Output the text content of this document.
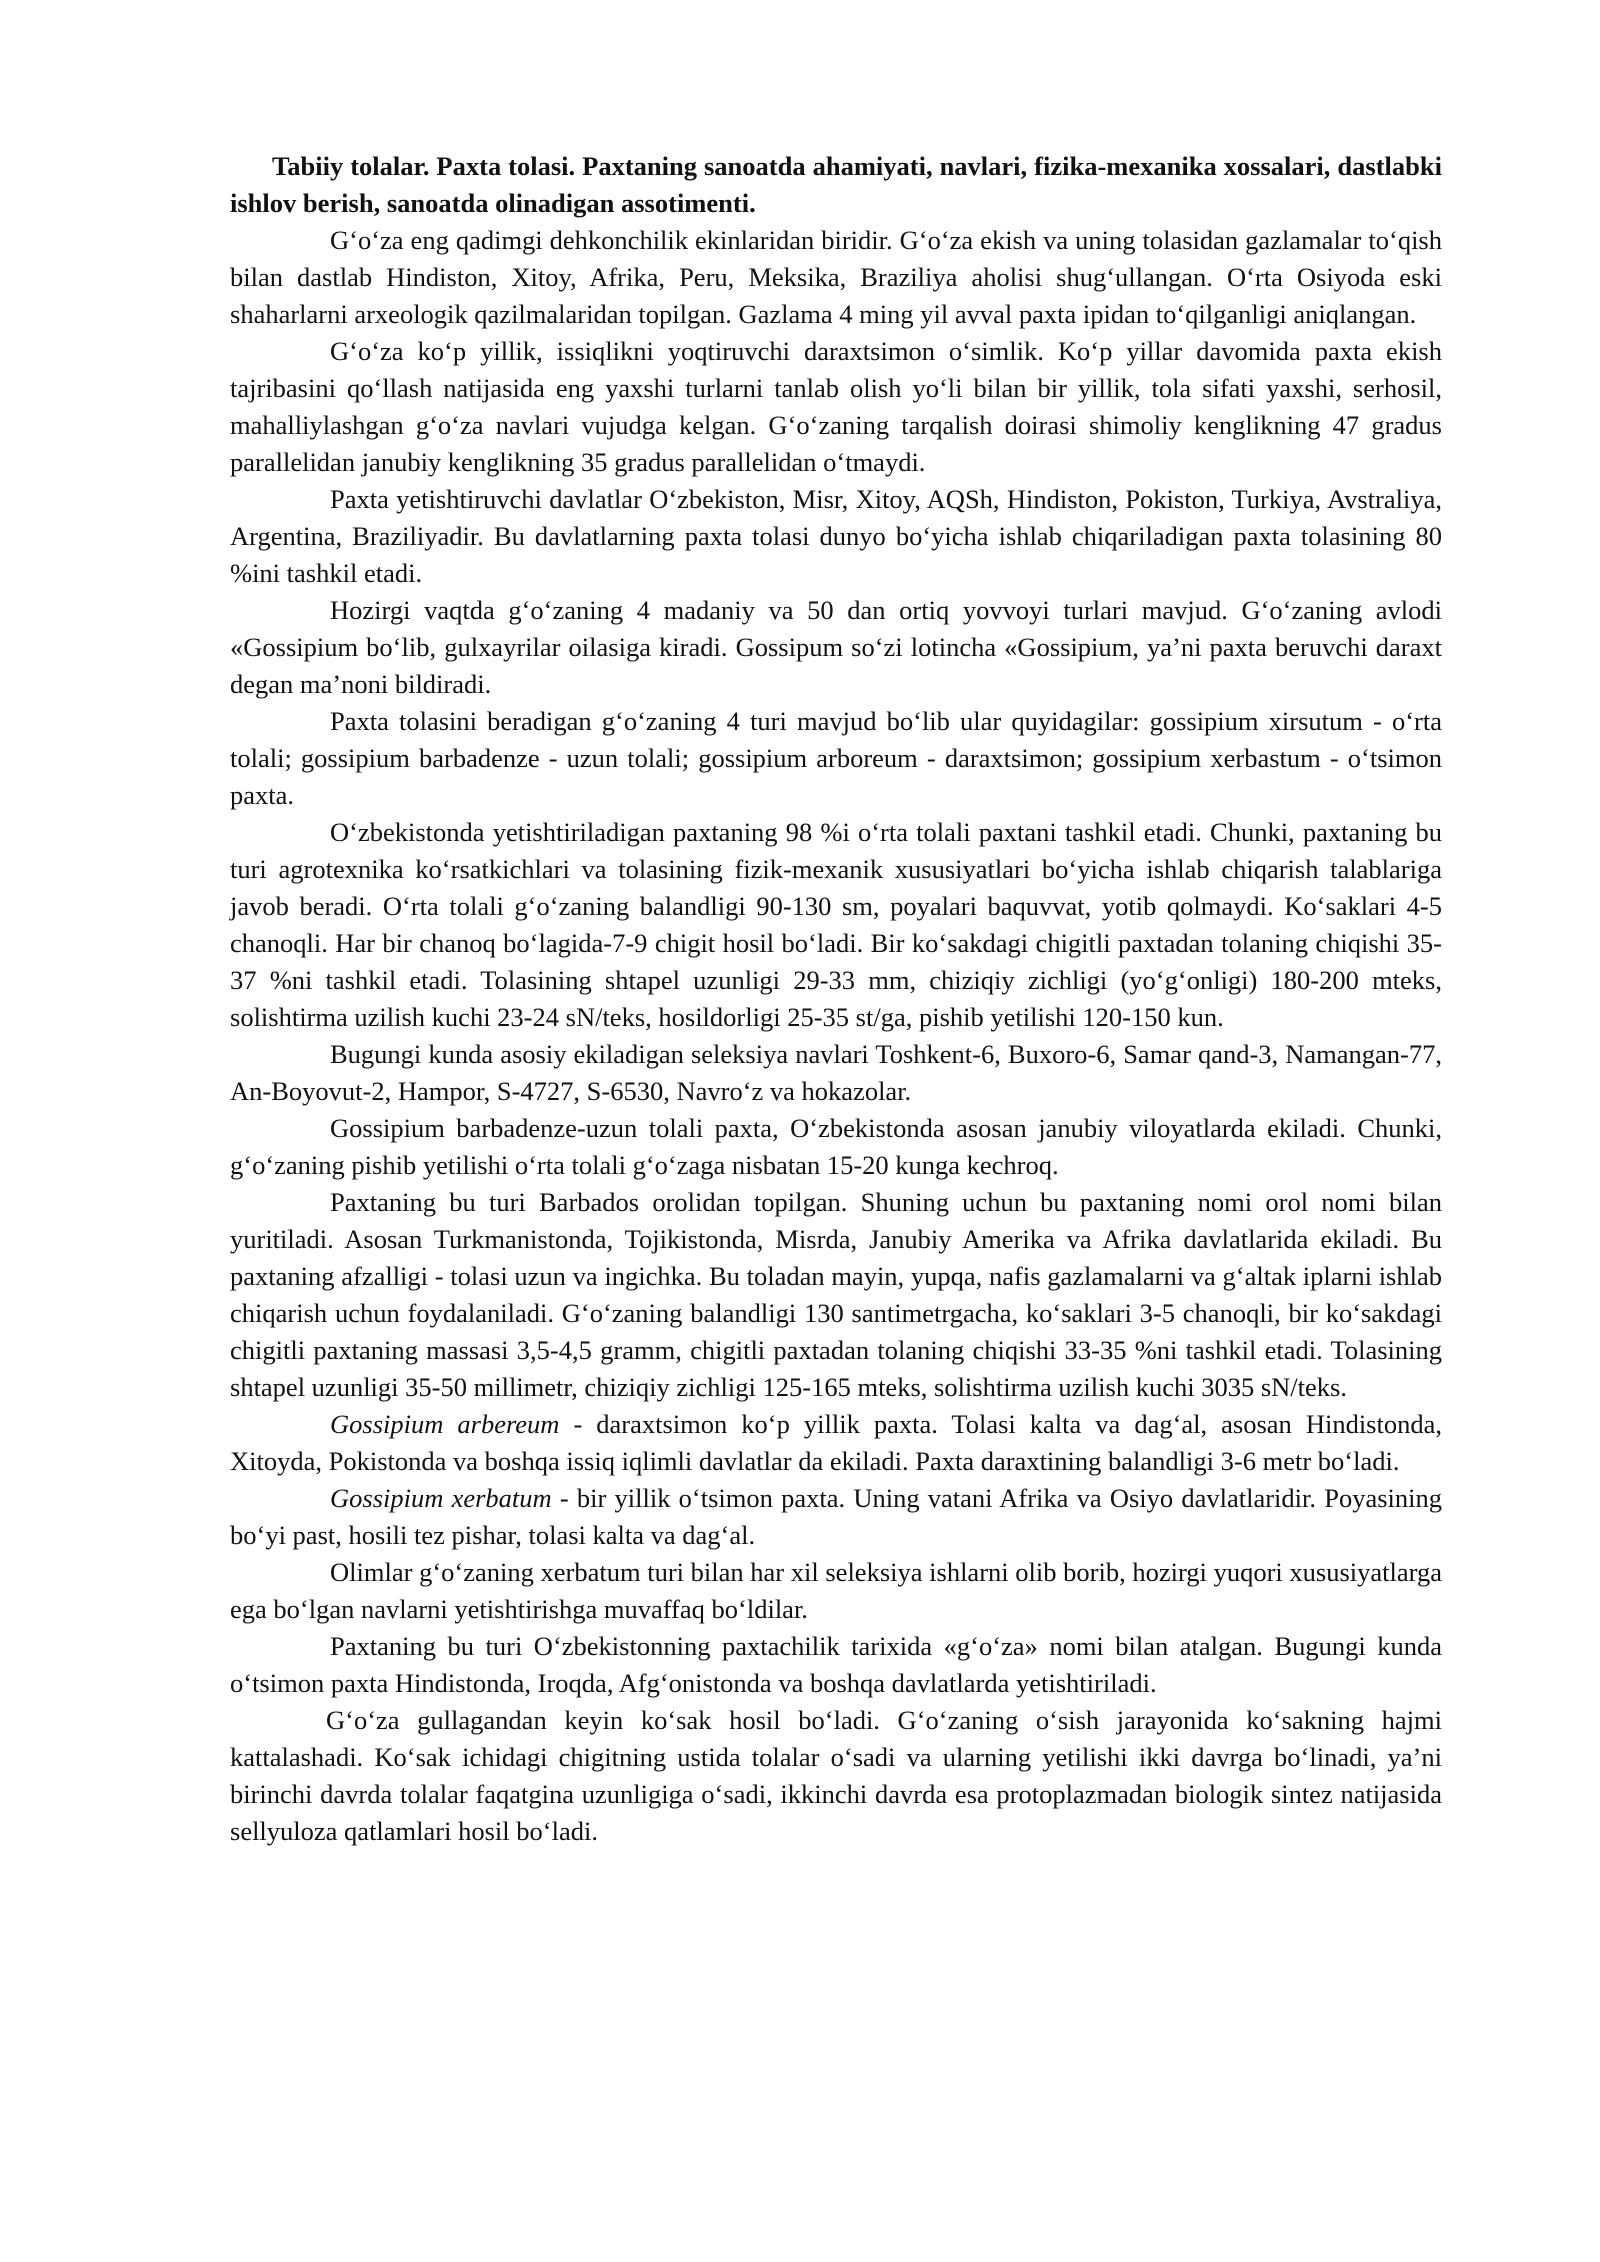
Tabiiy tolalar. Paxta tolasi. Paxtaning sanoatda ahamiyati, navlari, fizika-mexanika xossalari, dastlabki ishlov berish, sanoatda olinadigan assotimenti.

G‘o‘za eng qadimgi dehkonchilik ekinlaridan biridir. G‘o‘za ekish va uning tolasidan gazlamalar to‘qish bilan dastlab Hindiston, Xitoy, Afrika, Peru, Meksika, Braziliya aholisi shug‘ullangan. O‘rta Osiyoda eski shaharlarni arxeologik qazilmalaridan topilgan. Gazlama 4 ming yil avval paxta ipidan to‘qilganligi aniqlangan.

G‘o‘za ko‘p yillik, issiqlikni yoqtiruvchi daraxtsimon o‘simlik. Ko‘p yillar davomida paxta ekish tajribasini qo‘llash natijasida eng yaxshi turlarni tanlab olish yo‘li bilan bir yillik, tola sifati yaxshi, serhosil, mahalliylashgan g‘o‘za navlari vujudga kelgan. G‘o‘zaning tarqalish doirasi shimoliy kenglikning 47 gradus parallelidan janubiy kenglikning 35 gradus parallelidan o‘tmaydi.

Paxta yetishtiruvchi davlatlar O‘zbekiston, Misr, Xitoy, AQSh, Hindiston, Pokiston, Turkiya, Avstraliya, Argentina, Braziliyadir. Bu davlatlarning paxta tolasi dunyo bo‘yicha ishlab chiqariladigan paxta tolasining 80 %ini tashkil etadi.

Hozirgi vaqtda g‘o‘zaning 4 madaniy va 50 dan ortiq yovvoyi turlari mavjud. G‘o‘zaning avlodi «Gossipium bo‘lib, gulxayrilar oilasiga kiradi. Gossipum so‘zi lotincha «Gossipium, ya’ni paxta beruvchi daraxt degan ma’noni bildiradi.

Paxta tolasini beradigan g‘o‘zaning 4 turi mavjud bo‘lib ular quyidagilar: gossipium xirsutum - o‘rta tolali; gossipium barbadenze - uzun tolali; gossipium arboreum - daraxtsimon; gossipium xerbastum - o‘tsimon paxta.

O‘zbekistonda yetishtiriladigan paxtaning 98 %i o‘rta tolali paxtani tashkil etadi. Chunki, paxtaning bu turi agrotexnika ko‘rsatkichlari va tolasining fizik-mexanik xususiyatlari bo‘yicha ishlab chiqarish talablariga javob beradi. O‘rta tolali g‘o‘zaning balandligi 90-130 sm, poyalari baquvvat, yotib qolmaydi. Ko‘saklari 4-5 chanoqli. Har bir chanoq bo‘lagida-7-9 chigit hosil bo‘ladi. Bir ko‘sakdagi chigitli paxtadan tolaning chiqishi 35-37 %ni tashkil etadi. Tolasining shtapel uzunligi 29-33 mm, chiziqiy zichligi (yo‘g‘onligi) 180-200 mteks, solishtirma uzilish kuchi 23-24 sN/teks, hosildorligi 25-35 st/ga, pishib yetilishi 120-150 kun.

Bugungi kunda asosiy ekiladigan seleksiya navlari Toshkent-6, Buxoro-6, Samar qand-3, Namangan-77, An-Boyovut-2, Hampor, S-4727, S-6530, Navro‘z va hokazolar.

Gossipium barbadenze-uzun tolali paxta, O‘zbekistonda asosan janubiy viloyatlarda ekiladi. Chunki, g‘o‘zaning pishib yetilishi o‘rta tolali g‘o‘zaga nisbatan 15-20 kunga kechroq.

Paxtaning bu turi Barbados orolidan topilgan. Shuning uchun bu paxtaning nomi orol nomi bilan yuritiladi. Asosan Turkmanistonda, Tojikistonda, Misrda, Janubiy Amerika va Afrika davlatlarida ekiladi. Bu paxtaning afzalligi - tolasi uzun va ingichka. Bu toladan mayin, yupqa, nafis gazlamalarni va g‘altak iplarni ishlab chiqarish uchun foydalaniladi. G‘o‘zaning balandligi 130 santimetrgacha, ko‘saklari 3-5 chanoqli, bir ko‘sakdagi chigitli paxtaning massasi 3,5-4,5 gramm, chigitli paxtadan tolaning chiqishi 33-35 %ni tashkil etadi. Tolasining shtapel uzunligi 35-50 millimetr, chiziqiy zichligi 125-165 mteks, solishtirma uzilish kuchi 3035 sN/teks.

Gossipium arbereum - daraxtsimon ko‘p yillik paxta. Tolasi kalta va dag‘al, asosan Hindistonda, Xitoyda, Pokistonda va boshqa issiq iqlimli davlatlar da ekiladi. Paxta daraxtining balandligi 3-6 metr bo‘ladi.

Gossipium xerbatum - bir yillik o‘tsimon paxta. Uning vatani Afrika va Osiyo davlatlaridir. Poyasining bo‘yi past, hosili tez pishar, tolasi kalta va dag‘al.

Olimlar g‘o‘zaning xerbatum turi bilan har xil seleksiya ishlarni olib borib, hozirgi yuqori xususiyatlarga ega bo‘lgan navlarni yetishtirishga muvaffaq bo‘ldilar.

Paxtaning bu turi O‘zbekistonning paxtachilik tarixida «g‘o‘za» nomi bilan atalgan. Bugungi kunda o‘tsimon paxta Hindistonda, Iroqda, Afg‘onistonda va boshqa davlatlarda yetishtiriladi.

G‘o‘za gullagandan keyin ko‘sak hosil bo‘ladi. G‘o‘zaning o‘sish jarayonida ko‘sakning hajmi kattalashadi. Ko‘sak ichidagi chigitning ustida tolalar o‘sadi va ularning yetilishi ikki davrga bo‘linadi, ya’ni birinchi davrda tolalar faqatgina uzunligiga o‘sadi, ikkinchi davrda esa protoplazmadan biologik sintez natijasida sellyuloza qatlamlari hosil bo‘ladi.
